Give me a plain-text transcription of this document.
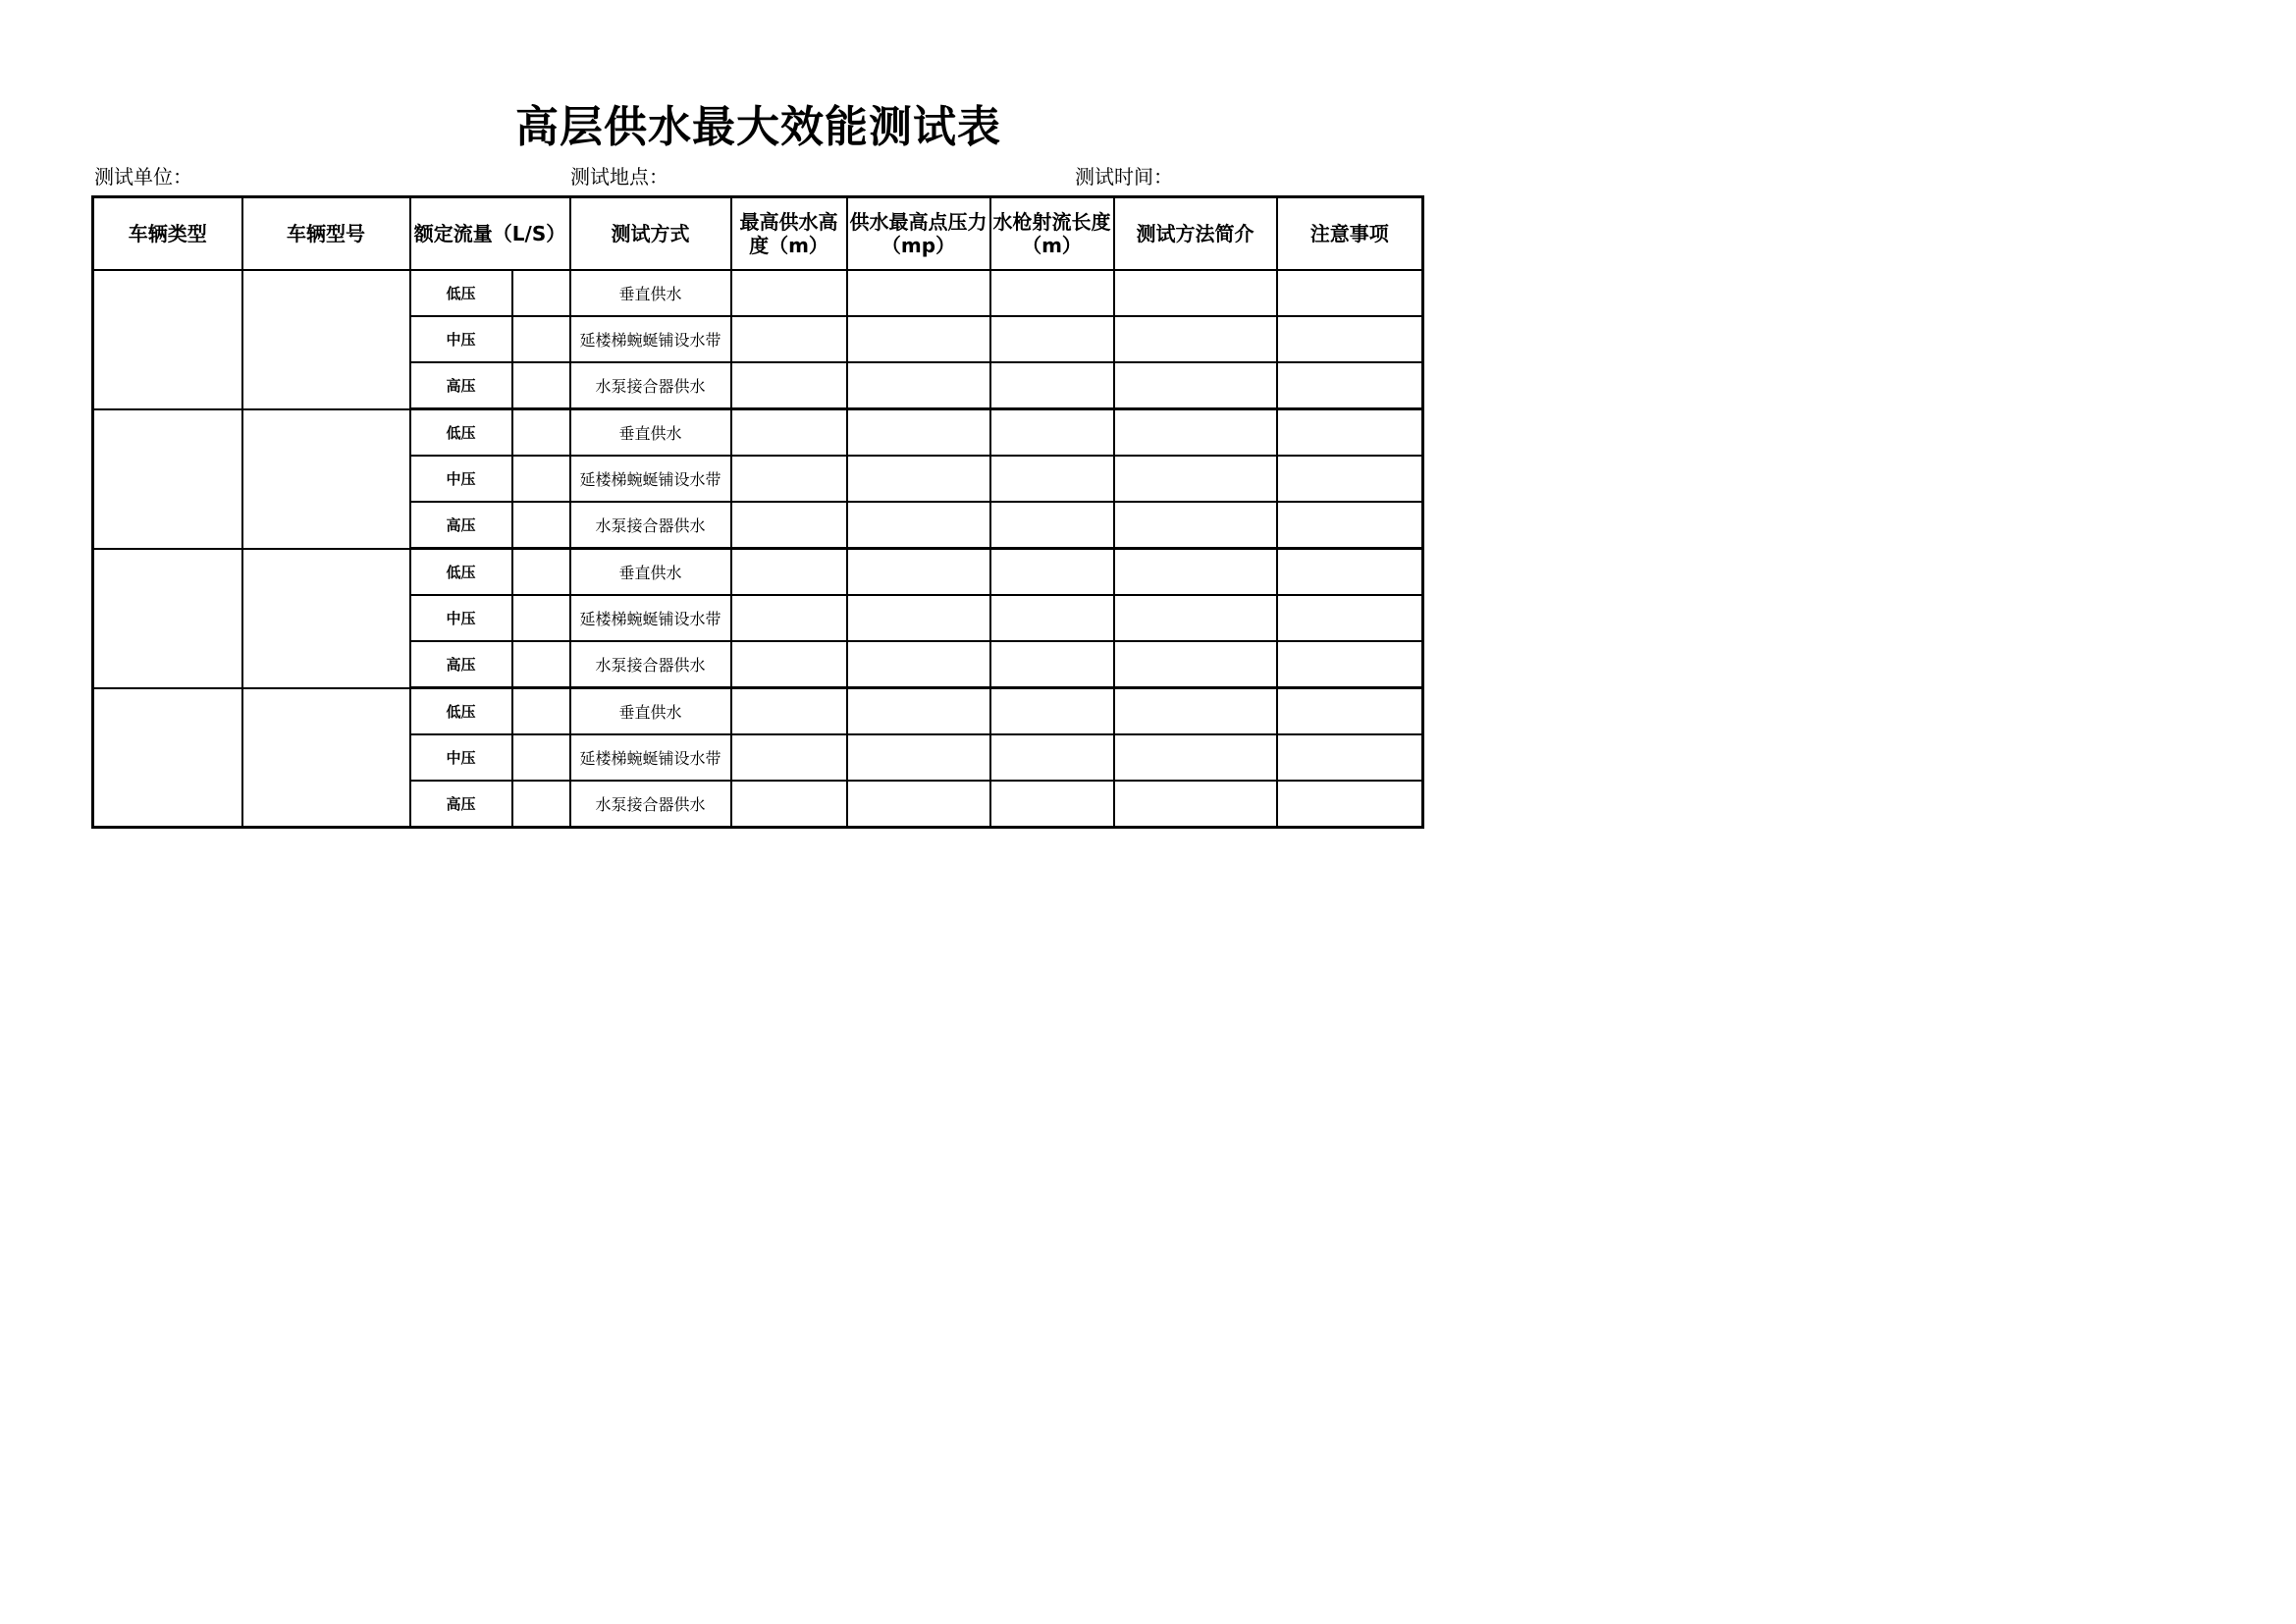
高层供水最大效能测试表
测试单位：	测试地点：	测试时间：
车辆类型	车辆型号	额定流量（L/S）		测试方式	最高供水高度（m）	供水最高点压力（mp）	水枪射流长度（m）	测试方法简介	注意事项
		低压		垂直供水					
		中压		延楼梯蜿蜒铺设水带					
		高压		水泵接合器供水					
		低压		垂直供水					
		中压		延楼梯蜿蜒铺设水带					
		高压		水泵接合器供水					
		低压		垂直供水					
		中压		延楼梯蜿蜒铺设水带					
		高压		水泵接合器供水					
		低压		垂直供水					
		中压		延楼梯蜿蜒铺设水带					
		高压		水泵接合器供水					
